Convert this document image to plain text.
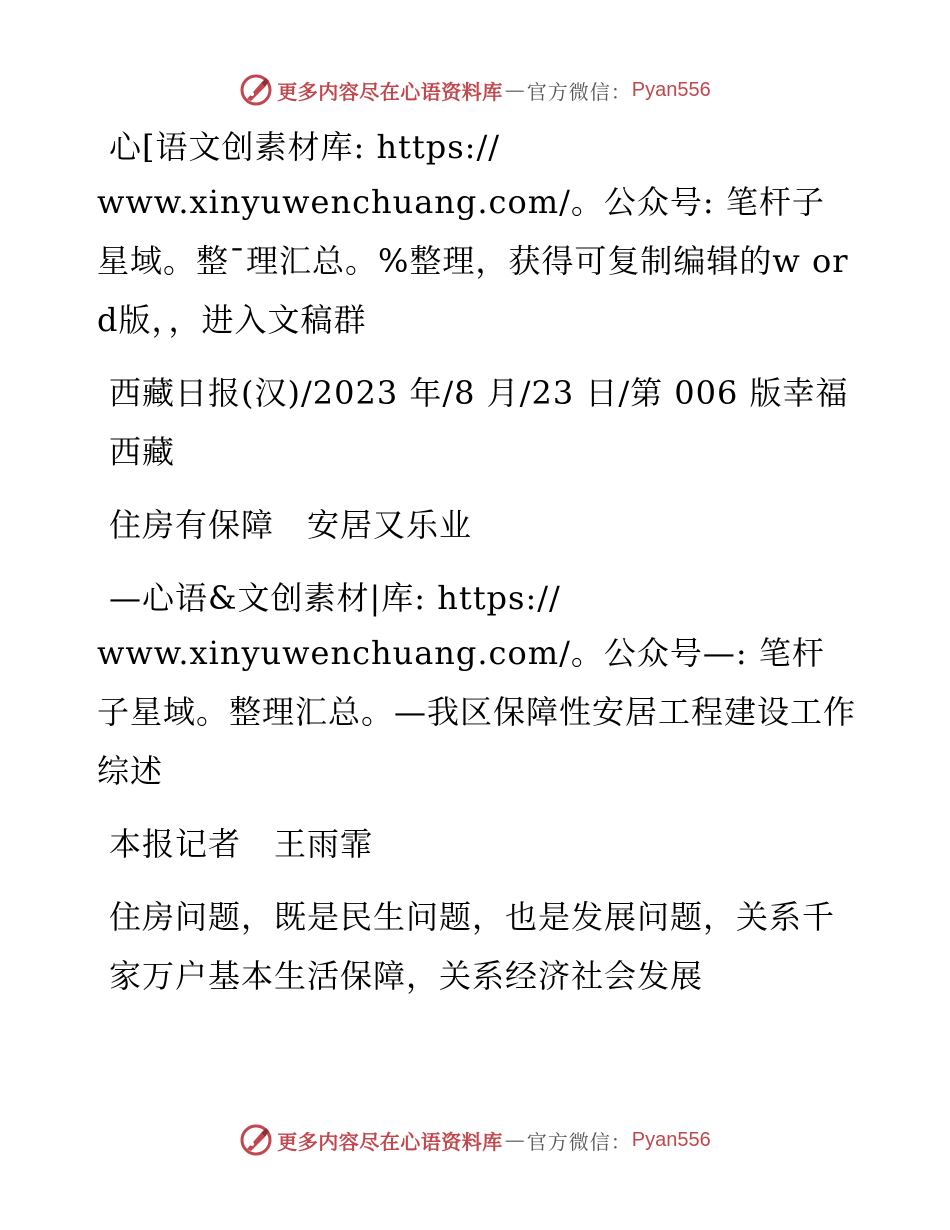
更多内容尽在心语资料库 — 官方微信： Pyan556

心[语文创素材库: https://

www.xinyuwenchuang.com/。公众号: 笔杆子星域。整¯理汇总。%整理，获得可复制编辑的w ord版，，进入文稿群

西藏日报(汉)/2023 年/8 月/23 日/第 006 版幸福西藏

住房有保障　安居又乐业

—心语&文创素材|库: https://

www.xinyuwenchuang.com/。公众号—: 笔杆子星域。整理汇总。—我区保障性安居工程建设工作综述

本报记者　王雨霏

住房问题，既是民生问题，也是发展问题，关系千家万户基本生活保障，关系经济社会发展

更多内容尽在心语资料库 — 官方微信： Pyan556
